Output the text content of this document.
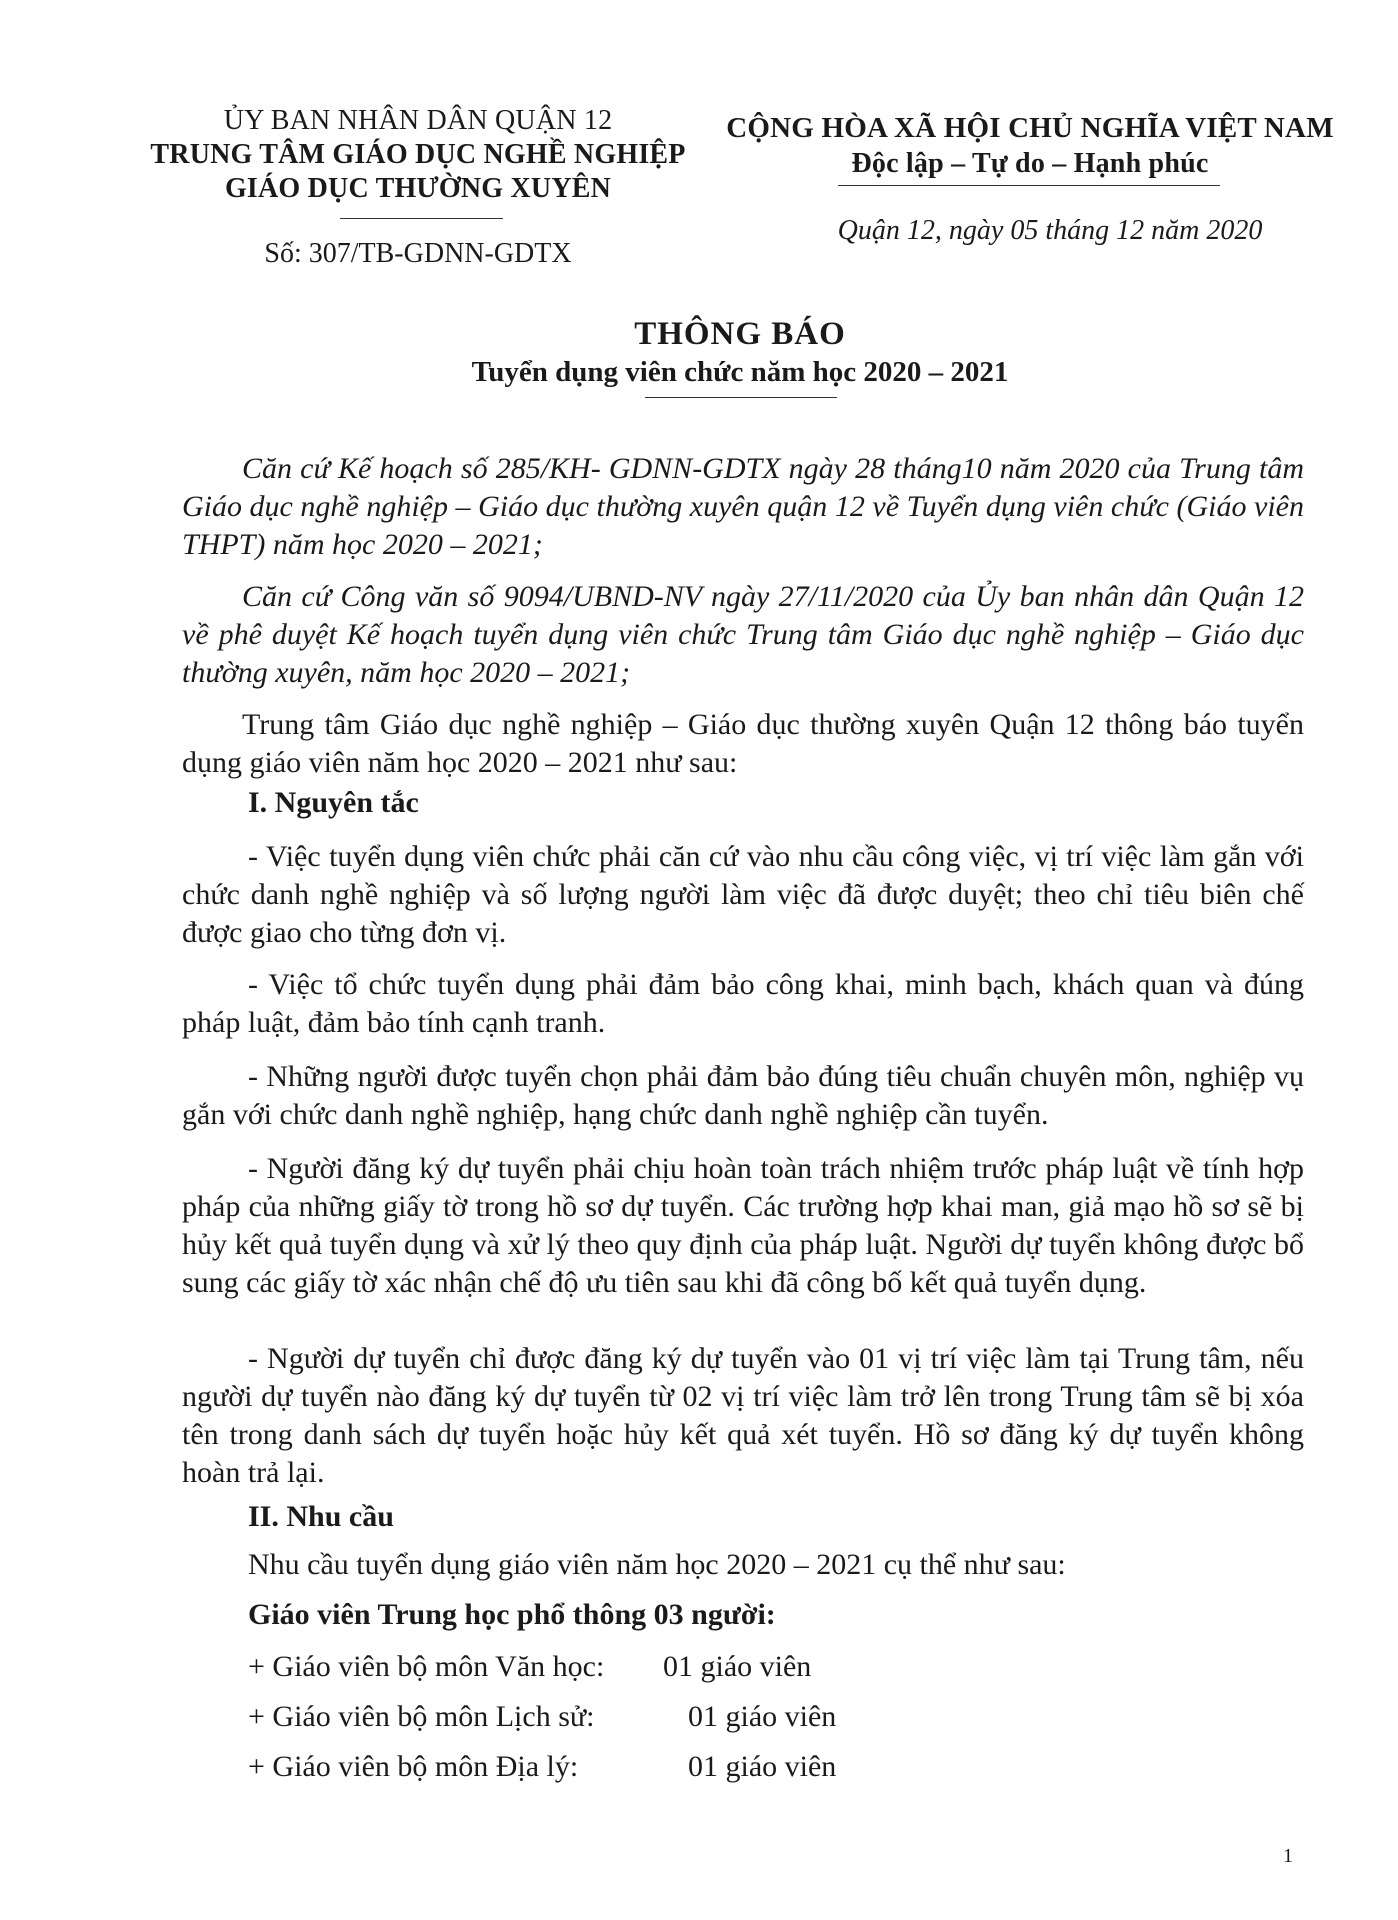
ỦY BAN NHÂN DÂN QUẬN 12
TRUNG TÂM GIÁO DỤC NGHỀ NGHIỆP
GIÁO DỤC THƯỜNG XUYÊN
Số: 307/TB-GDNN-GDTX
CỘNG HÒA XÃ HỘI CHỦ NGHĨA VIỆT NAM
Độc lập – Tự do – Hạnh phúc
Quận 12, ngày 05 tháng 12 năm 2020
THÔNG BÁO
Tuyển dụng viên chức năm học 2020 – 2021

Căn cứ Kế hoạch số 285/KH- GDNN-GDTX ngày 28 tháng10 năm 2020 của Trung tâm Giáo dục nghề nghiệp – Giáo dục thường xuyên quận 12 về Tuyển dụng viên chức (Giáo viên THPT) năm học 2020 – 2021;

Căn cứ Công văn số 9094/UBND-NV ngày 27/11/2020 của Ủy ban nhân dân Quận 12 về phê duyệt Kế hoạch tuyển dụng viên chức Trung tâm Giáo dục nghề nghiệp – Giáo dục thường xuyên, năm học 2020 – 2021;

Trung tâm Giáo dục nghề nghiệp – Giáo dục thường xuyên Quận 12 thông báo tuyển dụng giáo viên năm học 2020 – 2021 như sau:

I. Nguyên tắc

- Việc tuyển dụng viên chức phải căn cứ vào nhu cầu công việc, vị trí việc làm gắn với chức danh nghề nghiệp và số lượng người làm việc đã được duyệt; theo chỉ tiêu biên chế được giao cho từng đơn vị.

- Việc tổ chức tuyển dụng phải đảm bảo công khai, minh bạch, khách quan và đúng pháp luật, đảm bảo tính cạnh tranh.

- Những người được tuyển chọn phải đảm bảo đúng tiêu chuẩn chuyên môn, nghiệp vụ gắn với chức danh nghề nghiệp, hạng chức danh nghề nghiệp cần tuyển.

- Người đăng ký dự tuyển phải chịu hoàn toàn trách nhiệm trước pháp luật về tính hợp pháp của những giấy tờ trong hồ sơ dự tuyển. Các trường hợp khai man, giả mạo hồ sơ sẽ bị hủy kết quả tuyển dụng và xử lý theo quy định của pháp luật. Người dự tuyển không được bổ sung các giấy tờ xác nhận chế độ ưu tiên sau khi đã công bố kết quả tuyển dụng.

- Người dự tuyển chỉ được đăng ký dự tuyển vào 01 vị trí việc làm tại Trung tâm, nếu người dự tuyển nào đăng ký dự tuyển từ 02 vị trí việc làm trở lên trong Trung tâm sẽ bị xóa tên trong danh sách dự tuyển hoặc hủy kết quả xét tuyển. Hồ sơ đăng ký dự tuyển không hoàn trả lại.

II. Nhu cầu
Nhu cầu tuyển dụng giáo viên năm học 2020 – 2021 cụ thể như sau:
Giáo viên Trung học phổ thông 03 người:
+ Giáo viên bộ môn Văn học: 01 giáo viên
+ Giáo viên bộ môn Lịch sử:	01 giáo viên
+ Giáo viên bộ môn Địa lý:	01 giáo viên
1
